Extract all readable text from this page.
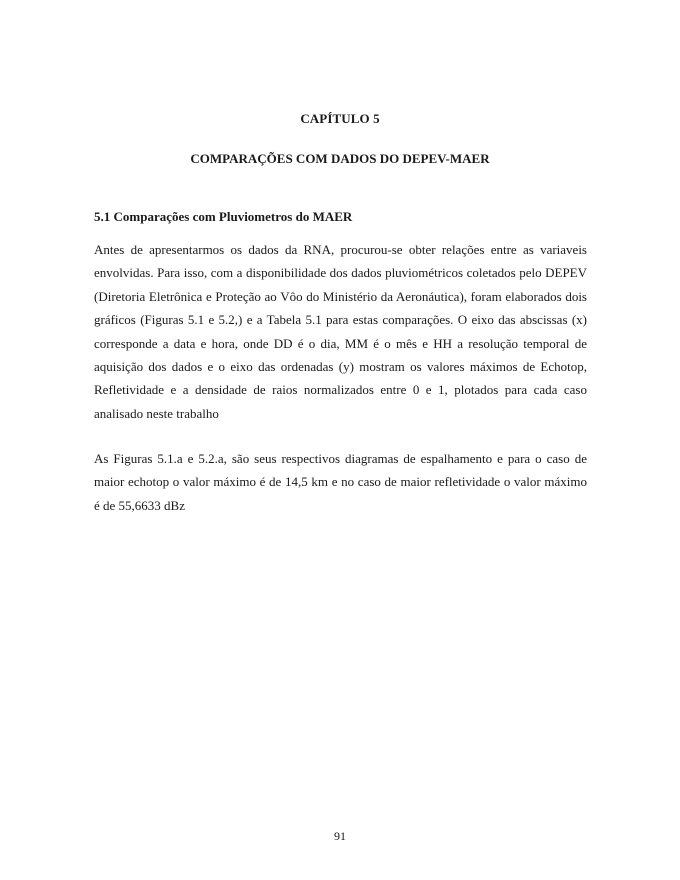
CAPÍTULO 5
COMPARAÇÕES COM DADOS DO DEPEV-MAER
5.1 Comparações com Pluviometros do MAER

Antes de apresentarmos os dados da RNA, procurou-se obter relações entre as variaveis envolvidas. Para isso, com a disponibilidade dos dados pluviométricos coletados pelo DEPEV (Diretoria Eletrônica e Proteção ao Vôo do Ministério da Aeronáutica), foram elaborados dois gráficos (Figuras 5.1 e 5.2,) e a Tabela 5.1 para estas comparações. O eixo das abscissas (x) corresponde a data e hora, onde DD é o dia, MM é o mês e HH a resolução temporal de aquisição dos dados e o eixo das ordenadas (y) mostram os valores máximos de Echotop, Refletividade e a densidade de raios normalizados entre 0 e 1, plotados para cada caso analisado neste trabalho

As Figuras 5.1.a e 5.2.a, são seus respectivos diagramas de espalhamento e para o caso de maior echotop o valor máximo é de 14,5 km e no caso de maior refletividade o valor máximo é de 55,6633 dBz

91
